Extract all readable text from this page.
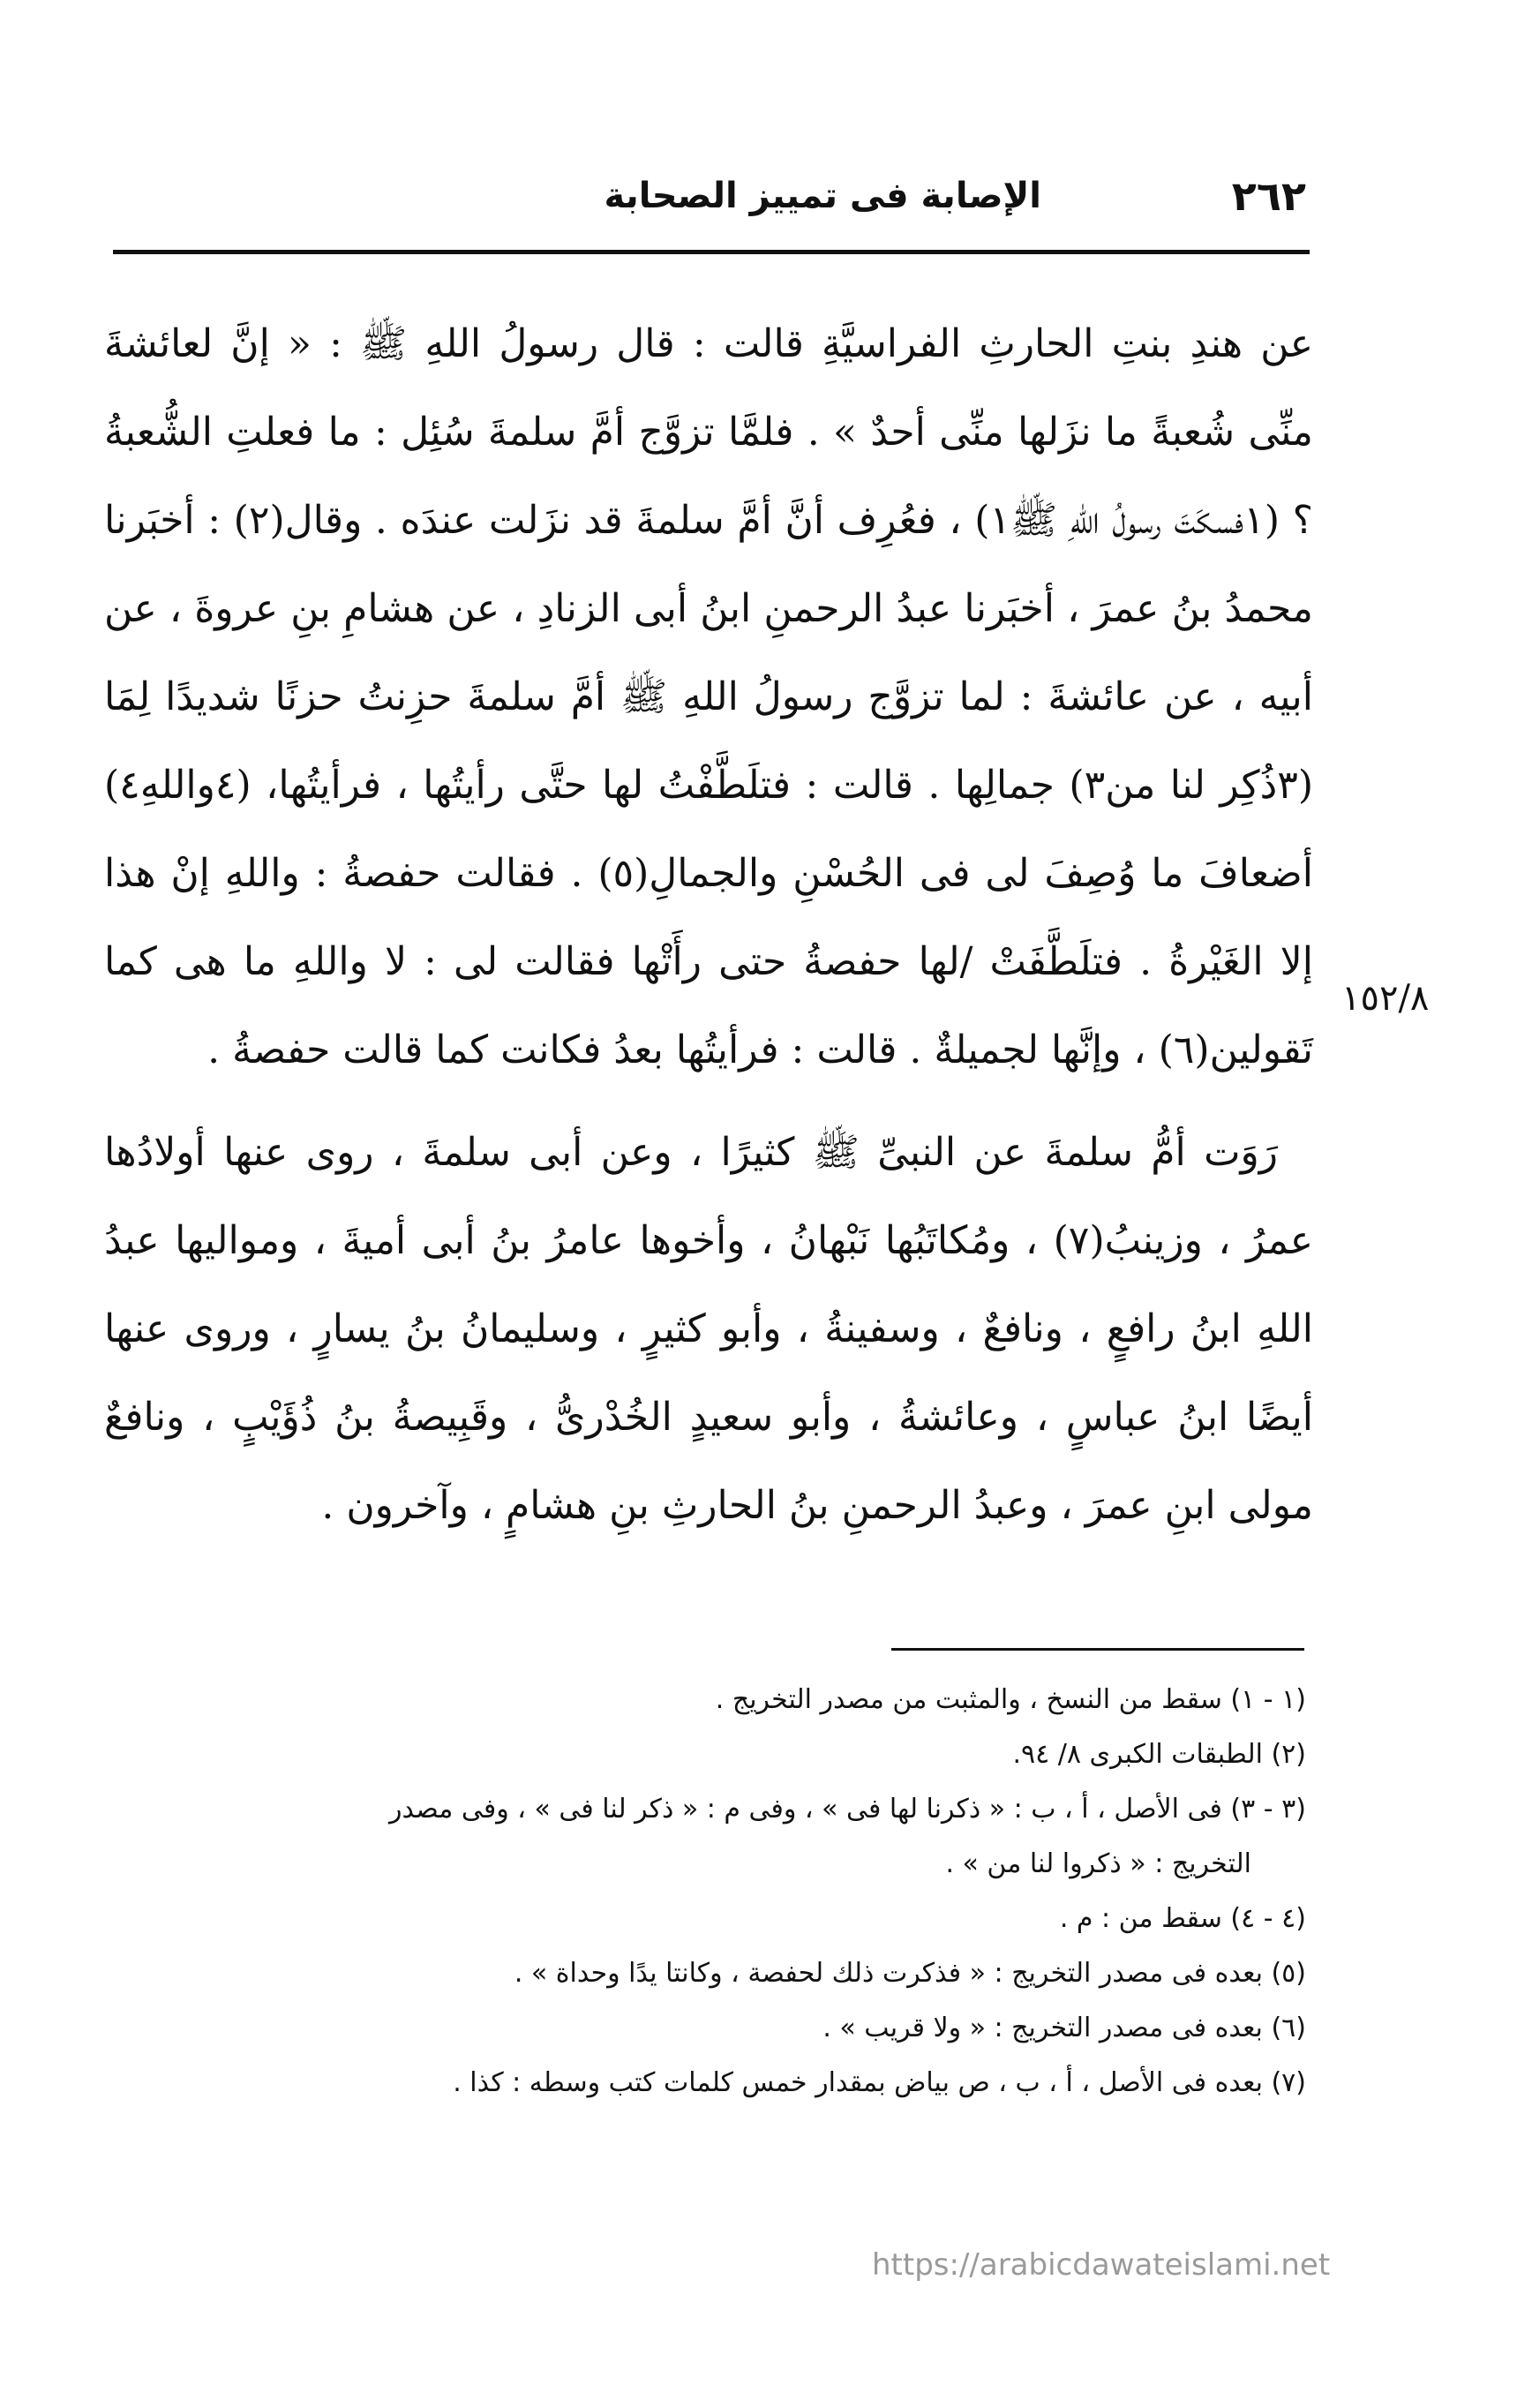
٢٦٢
الإصابة فى تمييز الصحابة

عن هندِ بنتِ الحارثِ الفراسيَّةِ قالت : قال رسولُ اللهِ ﷺ : « إنَّ لعائشةَ منِّى شُعبةً ما نزَلها منِّى أحدٌ » . فلمَّا تزوَّج أمَّ سلمةَ سُئِل : ما فعلتِ الشُّعبةُ ؟ (١فسكَتَ رسولُ اللهِ ﷺ١) ، فعُرِف أنَّ أمَّ سلمةَ قد نزَلت عندَه . وقال(٢) : أخبَرنا محمدُ بنُ عمرَ ، أخبَرنا عبدُ الرحمنِ ابنُ أبى الزنادِ ، عن هشامِ بنِ عروةَ ، عن أبيه ، عن عائشةَ : لما تزوَّج رسولُ اللهِ ﷺ أمَّ سلمةَ حزِنتُ حزنًا شديدًا لِمَا (٣ذُكِر لنا من٣) جمالِها . قالت : فتلَطَّفْتُ لها حتَّى رأيتُها ، فرأيتُها، (٤واللهِ٤) أضعافَ ما وُصِفَ لى فى الحُسْنِ والجمالِ(٥) . فقالت حفصةُ : واللهِ إنْ هذا إلا الغَيْرةُ . فتلَطَّفَتْ /لها حفصةُ حتى رأَتْها فقالت لى : لا واللهِ ما هى كما تَقولين(٦) ، وإنَّها لجميلةٌ . قالت : فرأيتُها بعدُ فكانت كما قالت حفصةُ .

رَوَت أمُّ سلمةَ عن النبىِّ ﷺ كثيرًا ، وعن أبى سلمةَ ، روى عنها أولادُها عمرُ ، وزينبُ(٧) ، ومُكاتَبُها نَبْهانُ ، وأخوها عامرُ بنُ أبى أميةَ ، ومواليها عبدُ اللهِ ابنُ رافعٍ ، ونافعٌ ، وسفينةُ ، وأبو كثيرٍ ، وسليمانُ بنُ يسارٍ ، وروى عنها أيضًا ابنُ عباسٍ ، وعائشةُ ، وأبو سعيدٍ الخُدْرىُّ ، وقَبِيصةُ بنُ ذُؤَيْبٍ ، ونافعٌ مولى ابنِ عمرَ ، وعبدُ الرحمنِ بنُ الحارثِ بنِ هشامٍ ، وآخرون .

١٥٢/٨

(١ - ١) سقط من النسخ ، والمثبت من مصدر التخريج .

(٢) الطبقات الكبرى ٨/ ٩٤.

(٣ - ٣) فى الأصل ، أ ، ب : « ذكرنا لها فى » ، وفى م : « ذكر لنا فى » ، وفى مصدر

التخريج : « ذكروا لنا من » .

(٤ - ٤) سقط من : م .

(٥) بعده فى مصدر التخريج : « فذكرت ذلك لحفصة ، وكانتا يدًا وحداة » .

(٦) بعده فى مصدر التخريج : « ولا قريب » .

(٧) بعده فى الأصل ، أ ، ب ، ص بياض بمقدار خمس كلمات كتب وسطه : كذا .

https://arabicdawateislami.net
